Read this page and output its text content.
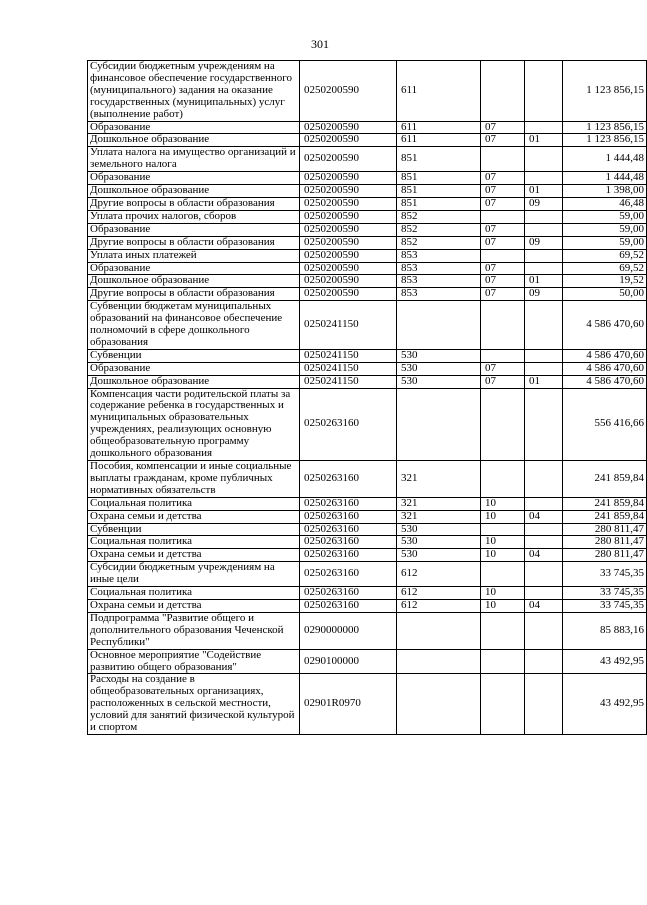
301
Субсидии бюджетным учреждениям на финансовое обеспечение государственного (муниципального) задания на оказание государственных (муниципальных) услуг (выполнение работ)	0250200590	611			1 123 856,15
Образование	0250200590	611	07		1 123 856,15
Дошкольное образование	0250200590	611	07	01	1 123 856,15
Уплата налога на имущество организаций и земельного налога	0250200590	851			1 444,48
Образование	0250200590	851	07		1 444,48
Дошкольное образование	0250200590	851	07	01	1 398,00
Другие вопросы в области образования	0250200590	851	07	09	46,48
Уплата прочих налогов, сборов	0250200590	852			59,00
Образование	0250200590	852	07		59,00
Другие вопросы в области образования	0250200590	852	07	09	59,00
Уплата иных платежей	0250200590	853			69,52
Образование	0250200590	853	07		69,52
Дошкольное образование	0250200590	853	07	01	19,52
Другие вопросы в области образования	0250200590	853	07	09	50,00
Субвенции бюджетам муниципальных образований на финансовое обеспечение полномочий в сфере дошкольного образования	0250241150				4 586 470,60
Субвенции	0250241150	530			4 586 470,60
Образование	0250241150	530	07		4 586 470,60
Дошкольное образование	0250241150	530	07	01	4 586 470,60
Компенсация части родительской платы за содержание ребенка в государственных и муниципальных образовательных учреждениях, реализующих основную общеобразовательную программу дошкольного образования	0250263160				556 416,66
Пособия, компенсации и иные социальные выплаты гражданам, кроме публичных нормативных обязательств	0250263160	321			241 859,84
Социальная политика	0250263160	321	10		241 859,84
Охрана семьи и детства	0250263160	321	10	04	241 859,84
Субвенции	0250263160	530			280 811,47
Социальная политика	0250263160	530	10		280 811,47
Охрана семьи и детства	0250263160	530	10	04	280 811,47
Субсидии бюджетным учреждениям на иные цели	0250263160	612			33 745,35
Социальная политика	0250263160	612	10		33 745,35
Охрана семьи и детства	0250263160	612	10	04	33 745,35
Подпрограмма "Развитие общего и дополнительного образования Чеченской Республики"	0290000000				85 883,16
Основное мероприятие "Содействие развитию общего образования"	0290100000				43 492,95
Расходы на создание в общеобразовательных организациях, расположенных в сельской местности, условий для занятий физической культурой и спортом	02901R0970				43 492,95
